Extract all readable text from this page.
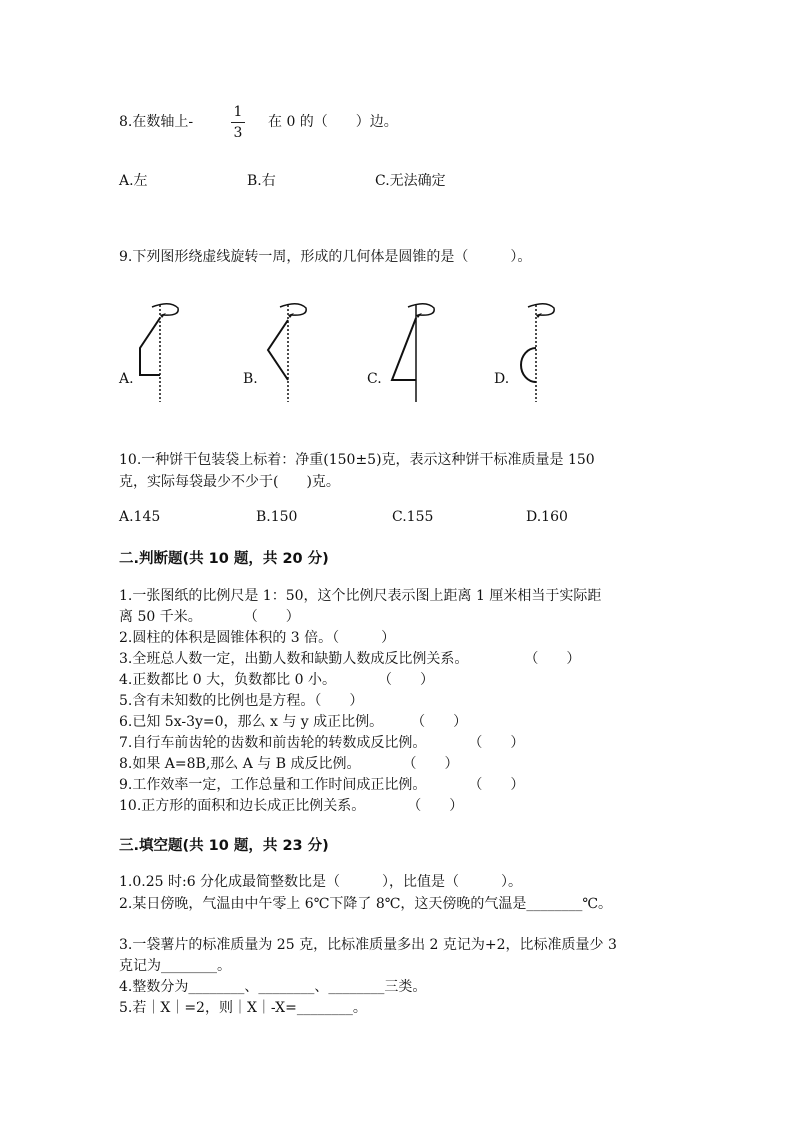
8.在数轴上-
1
3
在 0 的（　　）边。
A.左	B.右	C.无法确定
9.下列图形绕虚线旋转一周，形成的几何体是圆锥的是（　　　）。
A.	B.	C.	D.
10.一种饼干包装袋上标着：净重(150±5)克，表示这种饼干标准质量是 150
克，实际每袋最少不少于(　　)克。
A.145	B.150	C.155	D.160
二.判断题(共 10 题，共 20 分)
1.一张图纸的比例尺是 1：50，这个比例尺表示图上距离 1 厘米相当于实际距
离 50 千米。　　　　（　　）
2.圆柱的体积是圆锥体积的 3 倍。（　　　）
3.全班总人数一定，出勤人数和缺勤人数成反比例关系。　　　　　（　　）
4.正数都比 0 大，负数都比 0 小。　　　　（　　）
5.含有未知数的比例也是方程。（　　）
6.已知 5x-3y=0，那么 x 与 y 成正比例。　　　（　　）
7.自行车前齿轮的齿数和前齿轮的转数成反比例。　　　　（　　）
8.如果 A=8B,那么 A 与 B 成反比例。　　　　（　　）
9.工作效率一定，工作总量和工作时间成正比例。　　　　（　　）
10.正方形的面积和边长成正比例关系。　　　　（　　）
三.填空题(共 10 题，共 23 分)
1.0.25 时:6 分化成最简整数比是（　　　），比值是（　　　）。
2.某日傍晚，气温由中午零上 6℃下降了 8℃，这天傍晚的气温是________℃。
3.一袋薯片的标准质量为 25 克，比标准质量多出 2 克记为+2，比标准质量少 3
克记为________。
4.整数分为________、________、________三类。
5.若｜X｜=2，则｜X｜-X=________。
